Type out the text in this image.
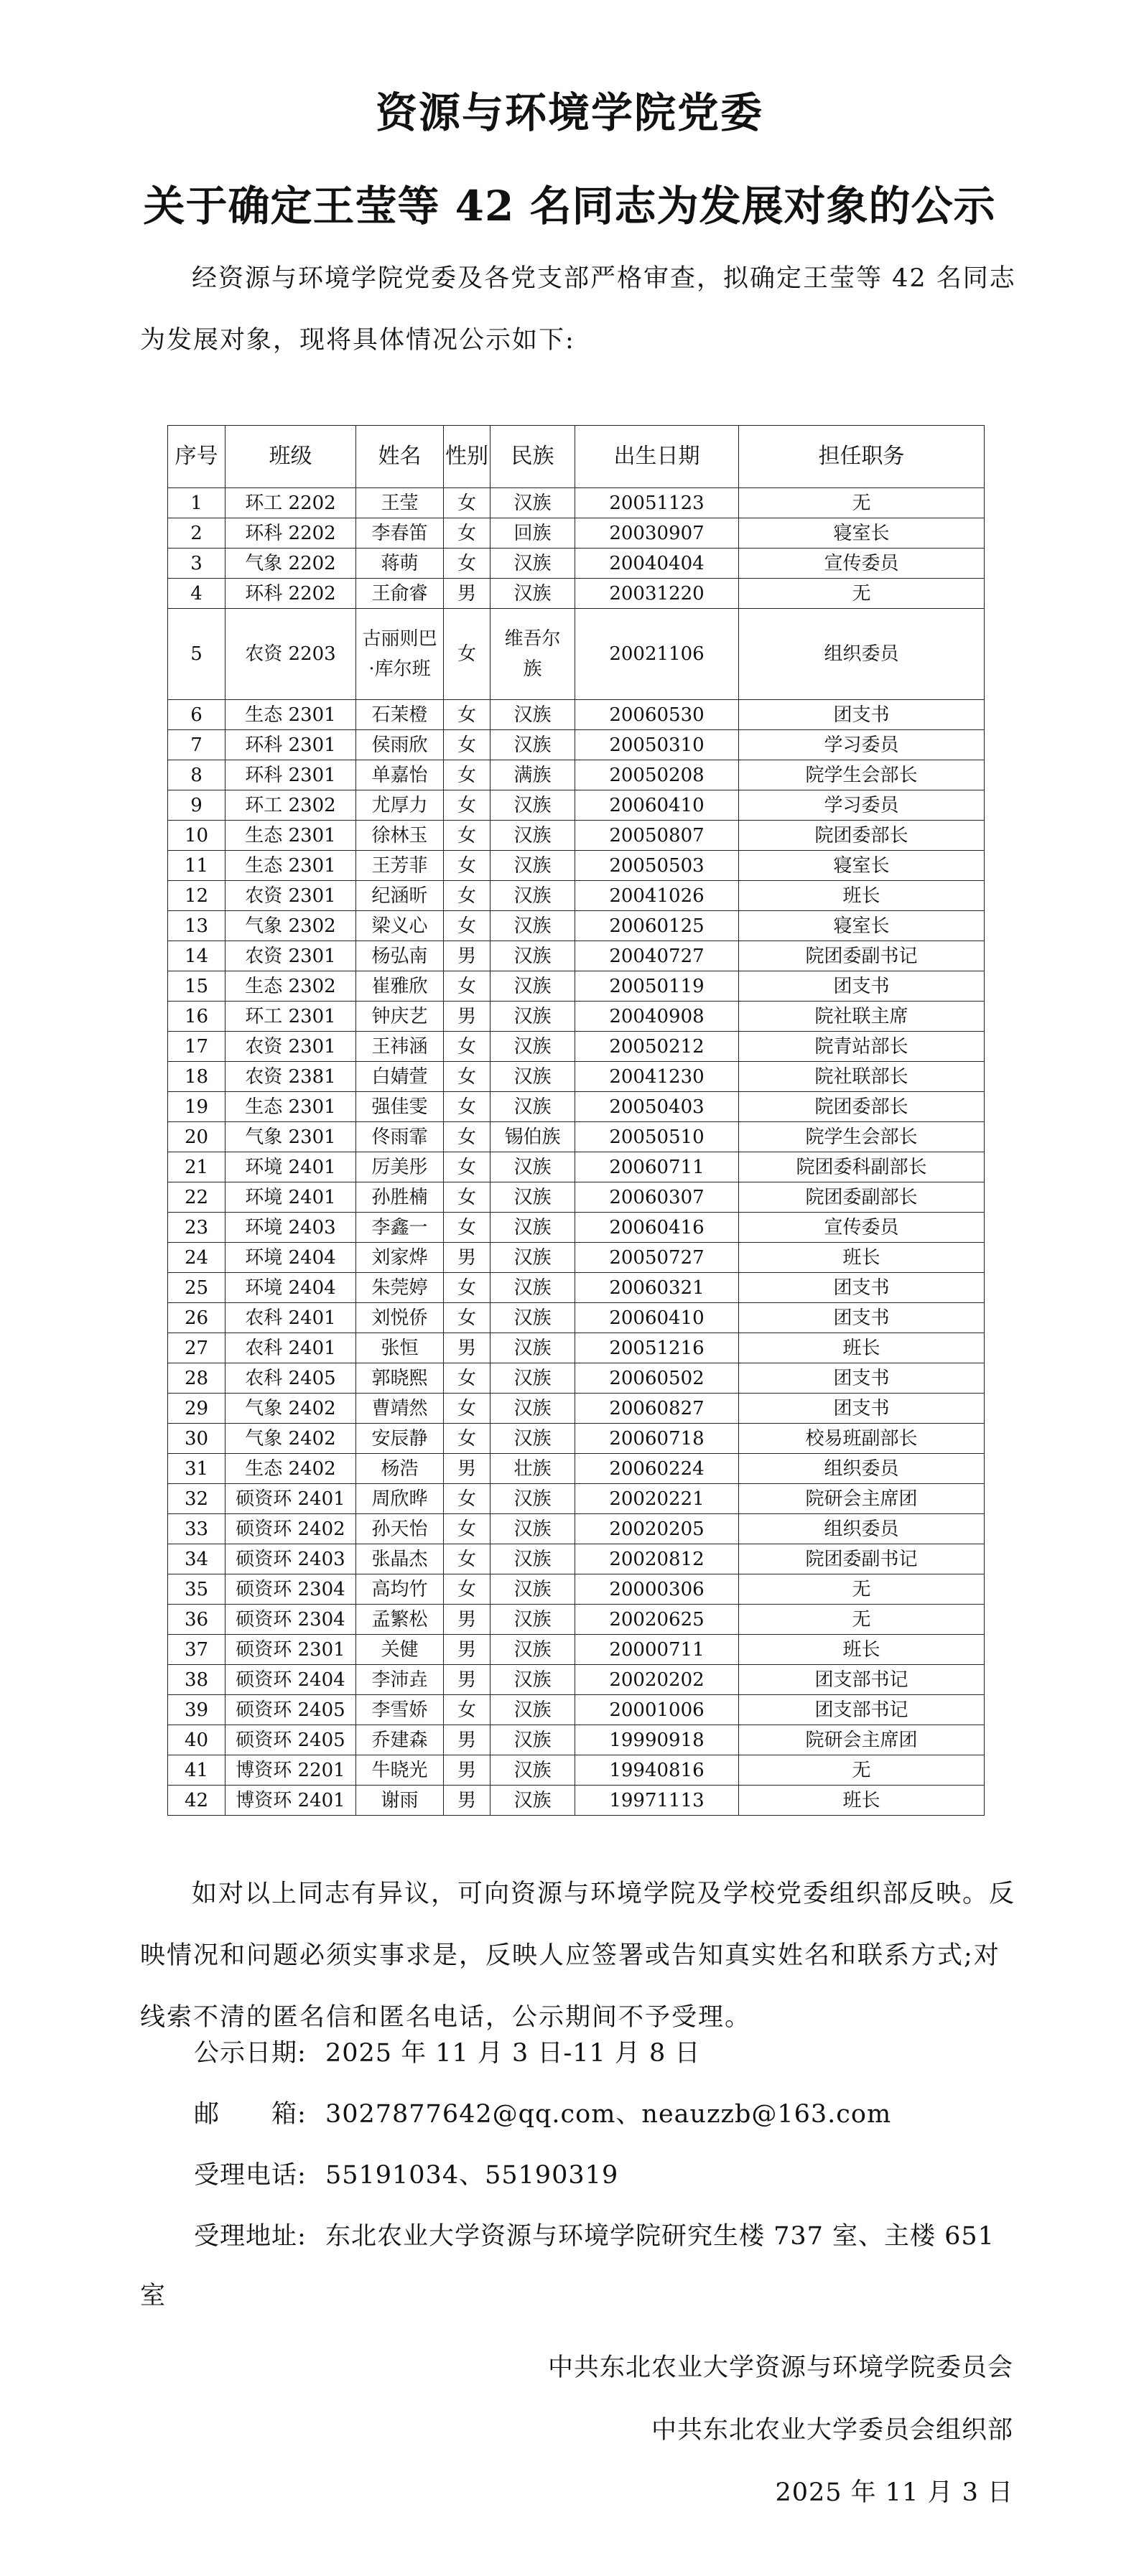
资源与环境学院党委
关于确定王莹等 42 名同志为发展对象的公示
经资源与环境学院党委及各党支部严格审查，拟确定王莹等 42 名同志为发展对象，现将具体情况公示如下:
序号	班级	姓名	性别	民族	出生日期	担任职务
1	环工 2202	王莹	女	汉族	20051123	无
2	环科 2202	李春笛	女	回族	20030907	寝室长
3	气象 2202	蒋萌	女	汉族	20040404	宣传委员
4	环科 2202	王俞睿	男	汉族	20031220	无
5	农资 2203	古丽则巴·库尔班	女	维吾尔族	20021106	组织委员
6	生态 2301	石茉橙	女	汉族	20060530	团支书
7	环科 2301	侯雨欣	女	汉族	20050310	学习委员
8	环科 2301	单嘉怡	女	满族	20050208	院学生会部长
9	环工 2302	尤厚力	女	汉族	20060410	学习委员
10	生态 2301	徐林玉	女	汉族	20050807	院团委部长
11	生态 2301	王芳菲	女	汉族	20050503	寝室长
12	农资 2301	纪涵昕	女	汉族	20041026	班长
13	气象 2302	梁义心	女	汉族	20060125	寝室长
14	农资 2301	杨弘南	男	汉族	20040727	院团委副书记
15	生态 2302	崔雅欣	女	汉族	20050119	团支书
16	环工 2301	钟庆艺	男	汉族	20040908	院社联主席
17	农资 2301	王祎涵	女	汉族	20050212	院青站部长
18	农资 2381	白婧萱	女	汉族	20041230	院社联部长
19	生态 2301	强佳雯	女	汉族	20050403	院团委部长
20	气象 2301	佟雨霏	女	锡伯族	20050510	院学生会部长
21	环境 2401	厉美彤	女	汉族	20060711	院团委科副部长
22	环境 2401	孙胜楠	女	汉族	20060307	院团委副部长
23	环境 2403	李鑫一	女	汉族	20060416	宣传委员
24	环境 2404	刘家烨	男	汉族	20050727	班长
25	环境 2404	朱莞婷	女	汉族	20060321	团支书
26	农科 2401	刘悦侨	女	汉族	20060410	团支书
27	农科 2401	张恒	男	汉族	20051216	班长
28	农科 2405	郭晓熙	女	汉族	20060502	团支书
29	气象 2402	曹靖然	女	汉族	20060827	团支书
30	气象 2402	安辰静	女	汉族	20060718	校易班副部长
31	生态 2402	杨浩	男	壮族	20060224	组织委员
32	硕资环 2401	周欣晔	女	汉族	20020221	院研会主席团
33	硕资环 2402	孙天怡	女	汉族	20020205	组织委员
34	硕资环 2403	张晶杰	女	汉族	20020812	院团委副书记
35	硕资环 2304	高均竹	女	汉族	20000306	无
36	硕资环 2304	孟繁松	男	汉族	20020625	无
37	硕资环 2301	关健	男	汉族	20000711	班长
38	硕资环 2404	李沛垚	男	汉族	20020202	团支部书记
39	硕资环 2405	李雪娇	女	汉族	20001006	团支部书记
40	硕资环 2405	乔建森	男	汉族	19990918	院研会主席团
41	博资环 2201	牛晓光	男	汉族	19940816	无
42	博资环 2401	谢雨	男	汉族	19971113	班长
如对以上同志有异议，可向资源与环境学院及学校党委组织部反映。反映情况和问题必须实事求是，反映人应签署或告知真实姓名和联系方式;对线索不清的匿名信和匿名电话，公示期间不予受理。
公示日期: 2025 年 11 月 3 日-11 月 8 日
邮　　箱: 3027877642@qq.com、neauzzb@163.com
受理电话: 55191034、55190319
受理地址: 东北农业大学资源与环境学院研究生楼 737 室、主楼 651
室
中共东北农业大学资源与环境学院委员会
中共东北农业大学委员会组织部
2025 年 11 月 3 日
